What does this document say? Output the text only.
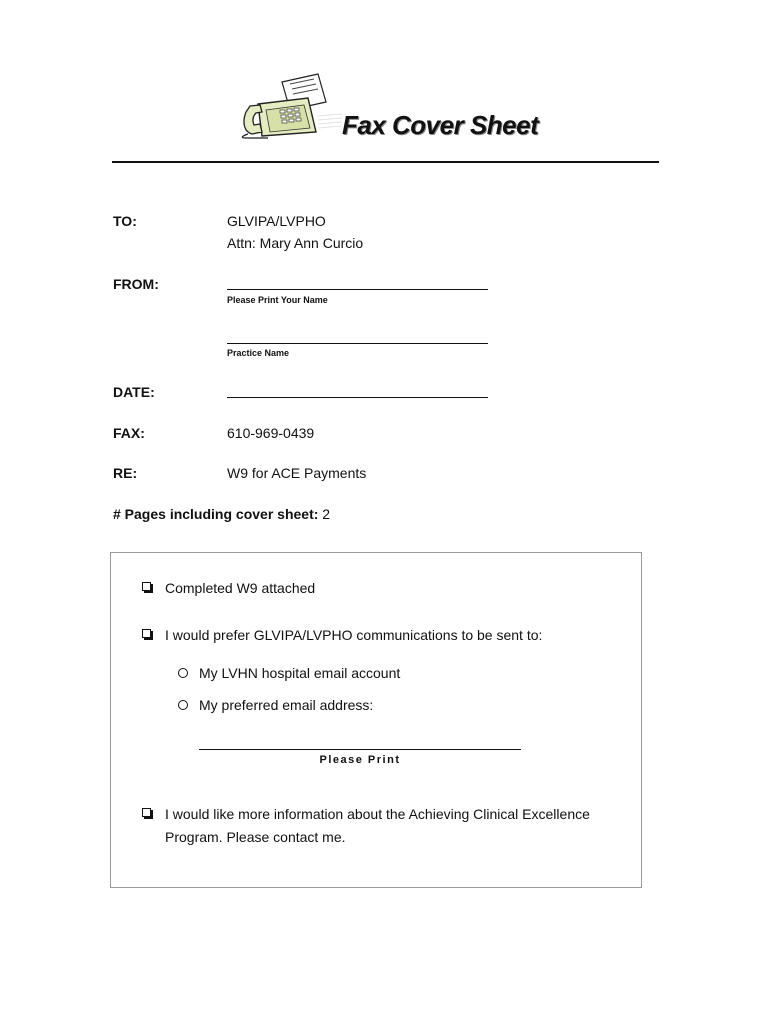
Fax Cover Sheet
TO:	GLVIPA/LVPHO
Attn: Mary Ann Curcio
FROM:
Please Print Your Name
Practice Name
DATE:
FAX:	610-969-0439
RE:	W9 for ACE Payments
# Pages including cover sheet: 2
Completed W9 attached
I would prefer GLVIPA/LVPHO communications to be sent to:
My LVHN hospital email account
My preferred email address:
Please Print
I would like more information about the Achieving Clinical Excellence
Program. Please contact me.
